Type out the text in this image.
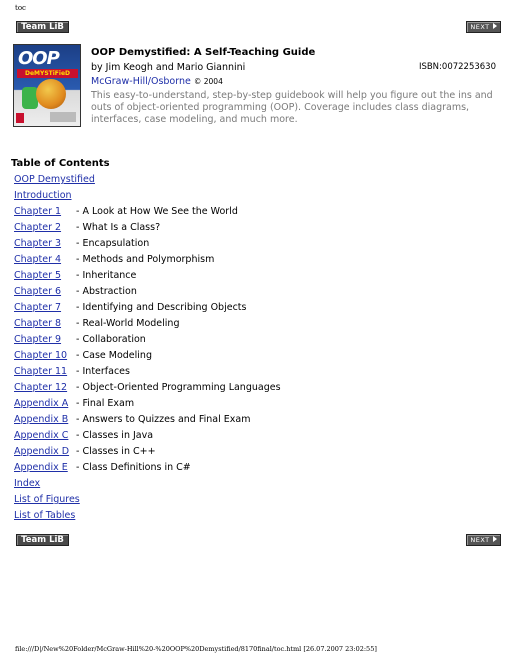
toc
Team LiB	NEXT
OOP
DeMYSTiFieD
OOP Demystified: A Self-Teaching Guide
by Jim Keogh and Mario Giannini	ISBN:0072253630
McGraw-Hill/Osborne © 2004
This easy-to-understand, step-by-step guidebook will help you figure out the ins and outs of object-oriented programming (OOP). Coverage includes class diagrams, interfaces, case modeling, and much more.
Table of Contents
OOP Demystified
Introduction
Chapter 1  - A Look at How We See the World
Chapter 2  - What Is a Class?
Chapter 3  - Encapsulation
Chapter 4  - Methods and Polymorphism
Chapter 5  - Inheritance
Chapter 6  - Abstraction
Chapter 7  - Identifying and Describing Objects
Chapter 8  - Real-World Modeling
Chapter 9  - Collaboration
Chapter 10  - Case Modeling
Chapter 11  - Interfaces
Chapter 12  - Object-Oriented Programming Languages
Appendix A  - Final Exam
Appendix B  - Answers to Quizzes and Final Exam
Appendix C  - Classes in Java
Appendix D  - Classes in C++
Appendix E  - Class Definitions in C#
Index
List of Figures
List of Tables
Team LiB	NEXT
file:///D|/New%20Folder/McGraw-Hill%20-%20OOP%20Demystified/8170final/toc.html [26.07.2007 23:02:55]
